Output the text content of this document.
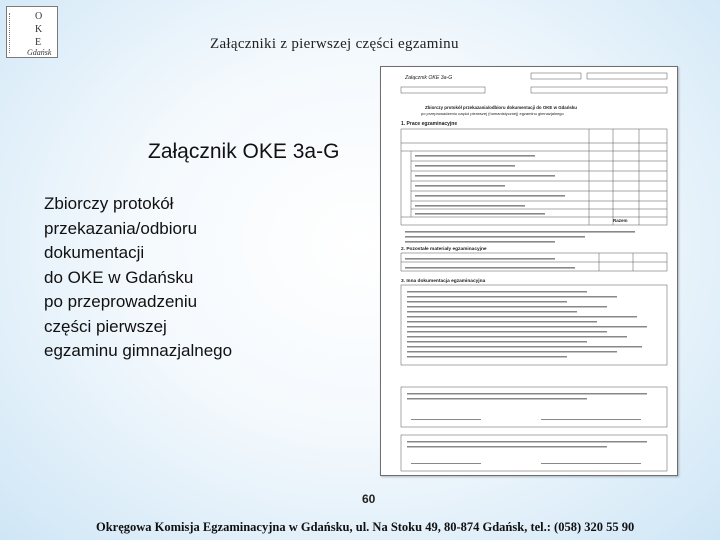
O
K
E
Gdańsk
Załączniki z pierwszej części egzaminu
Załącznik OKE 3a-G
Zbiorczy protokół
przekazania/odbioru
dokumentacji
do OKE w Gdańsku
po przeprowadzeniu
części pierwszej
egzaminu gimnazjalnego
Załącznik OKE 3a-G
Zbiorczy protokół przekazania/odbioru dokumentacji do OKE w Gdańsku
po przeprowadzeniu części pierwszej (humanistycznej) egzaminu gimnazjalnego
1. Prace egzaminacyjne
Razem
2. Pozostałe materiały egzaminacyjne
3. Inna dokumentacja egzaminacyjna
60
Okręgowa Komisja Egzaminacyjna w Gdańsku, ul. Na Stoku 49, 80-874 Gdańsk, tel.: (058) 320 55 90
